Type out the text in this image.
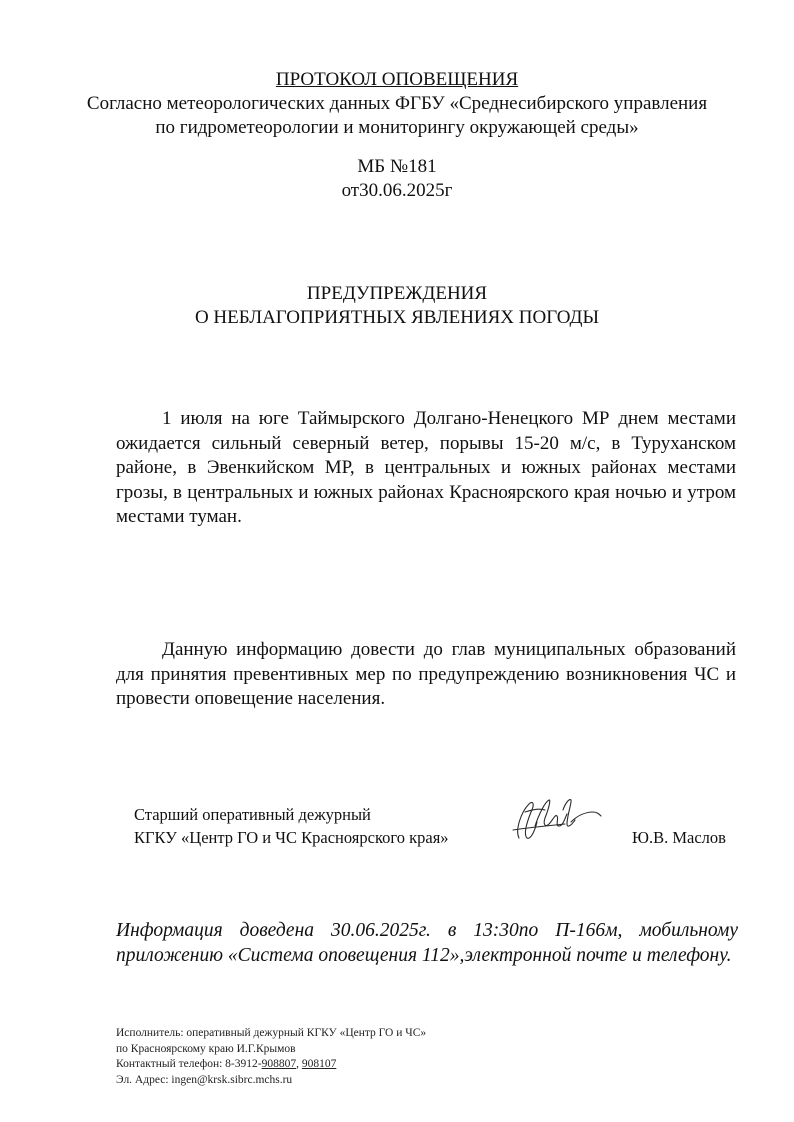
ПРОТОКОЛ ОПОВЕЩЕНИЯ
Согласно метеорологических данных ФГБУ «Среднесибирского управления
по гидрометеорологии и мониторингу окружающей среды»
МБ №181
от30.06.2025г
ПРЕДУПРЕЖДЕНИЯ
О НЕБЛАГОПРИЯТНЫХ ЯВЛЕНИЯХ ПОГОДЫ
1 июля на юге Таймырского Долгано-Ненецкого МР днем местами ожидается сильный северный ветер, порывы 15-20 м/с, в Туруханском районе, в Эвенкийском МР, в центральных и южных районах местами грозы, в центральных и южных районах Красноярского края ночью и утром местами туман.
Данную информацию довести до глав муниципальных образований для принятия превентивных мер по предупреждению возникновения ЧС и провести оповещение населения.
Старший оперативный дежурный
КГКУ «Центр ГО и ЧС Красноярского края»	Ю.В. Маслов
Информация доведена 30.06.2025г. в 13:30по П-166м, мобильному приложению «Система оповещения 112»,электронной почте и телефону.
Исполнитель: оперативный дежурный КГКУ «Центр ГО и ЧС»
по Красноярскому краю И.Г.Крымов
Контактный телефон: 8-3912-908807, 908107
Эл. Адрес: ingen@krsk.sibrc.mchs.ru
